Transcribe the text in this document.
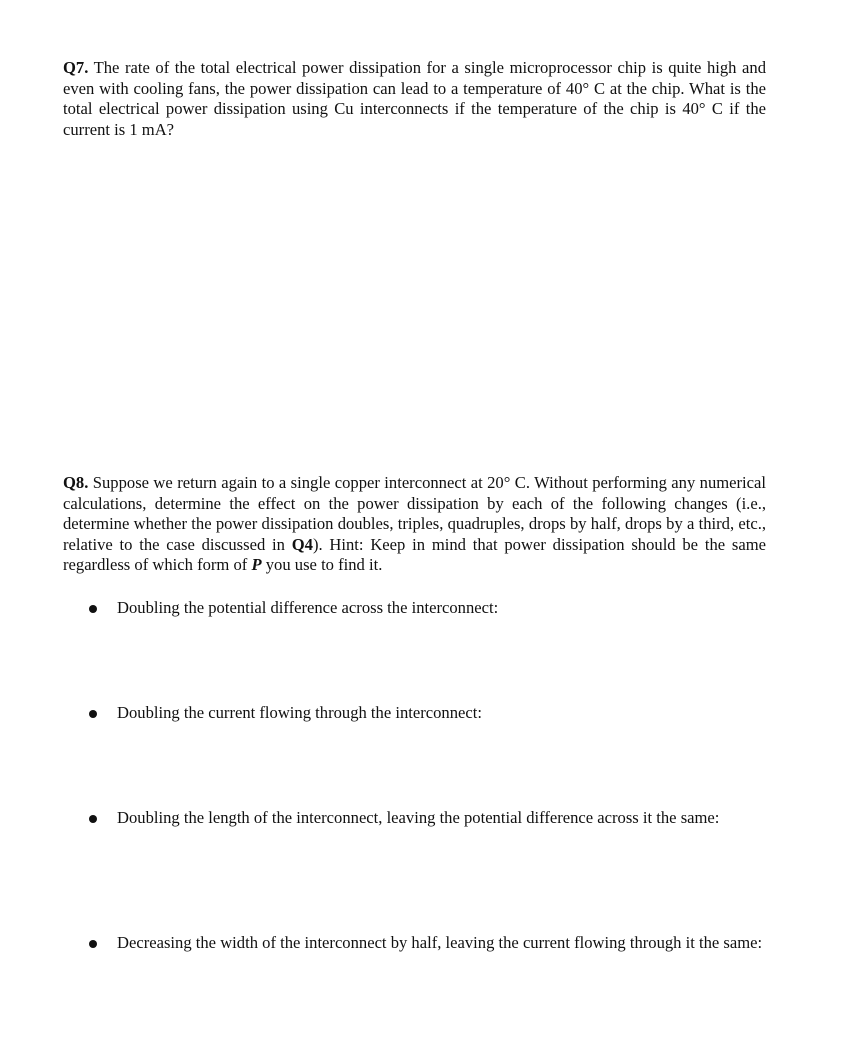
Q7. The rate of the total electrical power dissipation for a single microprocessor chip is quite high and even with cooling fans, the power dissipation can lead to a temperature of 40° C at the chip. What is the total electrical power dissipation using Cu interconnects if the temperature of the chip is 40° C if the current is 1 mA?
Q8. Suppose we return again to a single copper interconnect at 20° C. Without performing any numerical calculations, determine the effect on the power dissipation by each of the following changes (i.e., determine whether the power dissipation doubles, triples, quadruples, drops by half, drops by a third, etc., relative to the case discussed in Q4). Hint: Keep in mind that power dissipation should be the same regardless of which form of P you use to find it.
Doubling the potential difference across the interconnect:
Doubling the current flowing through the interconnect:
Doubling the length of the interconnect, leaving the potential difference across it the same:
Decreasing the width of the interconnect by half, leaving the current flowing through it the same:
